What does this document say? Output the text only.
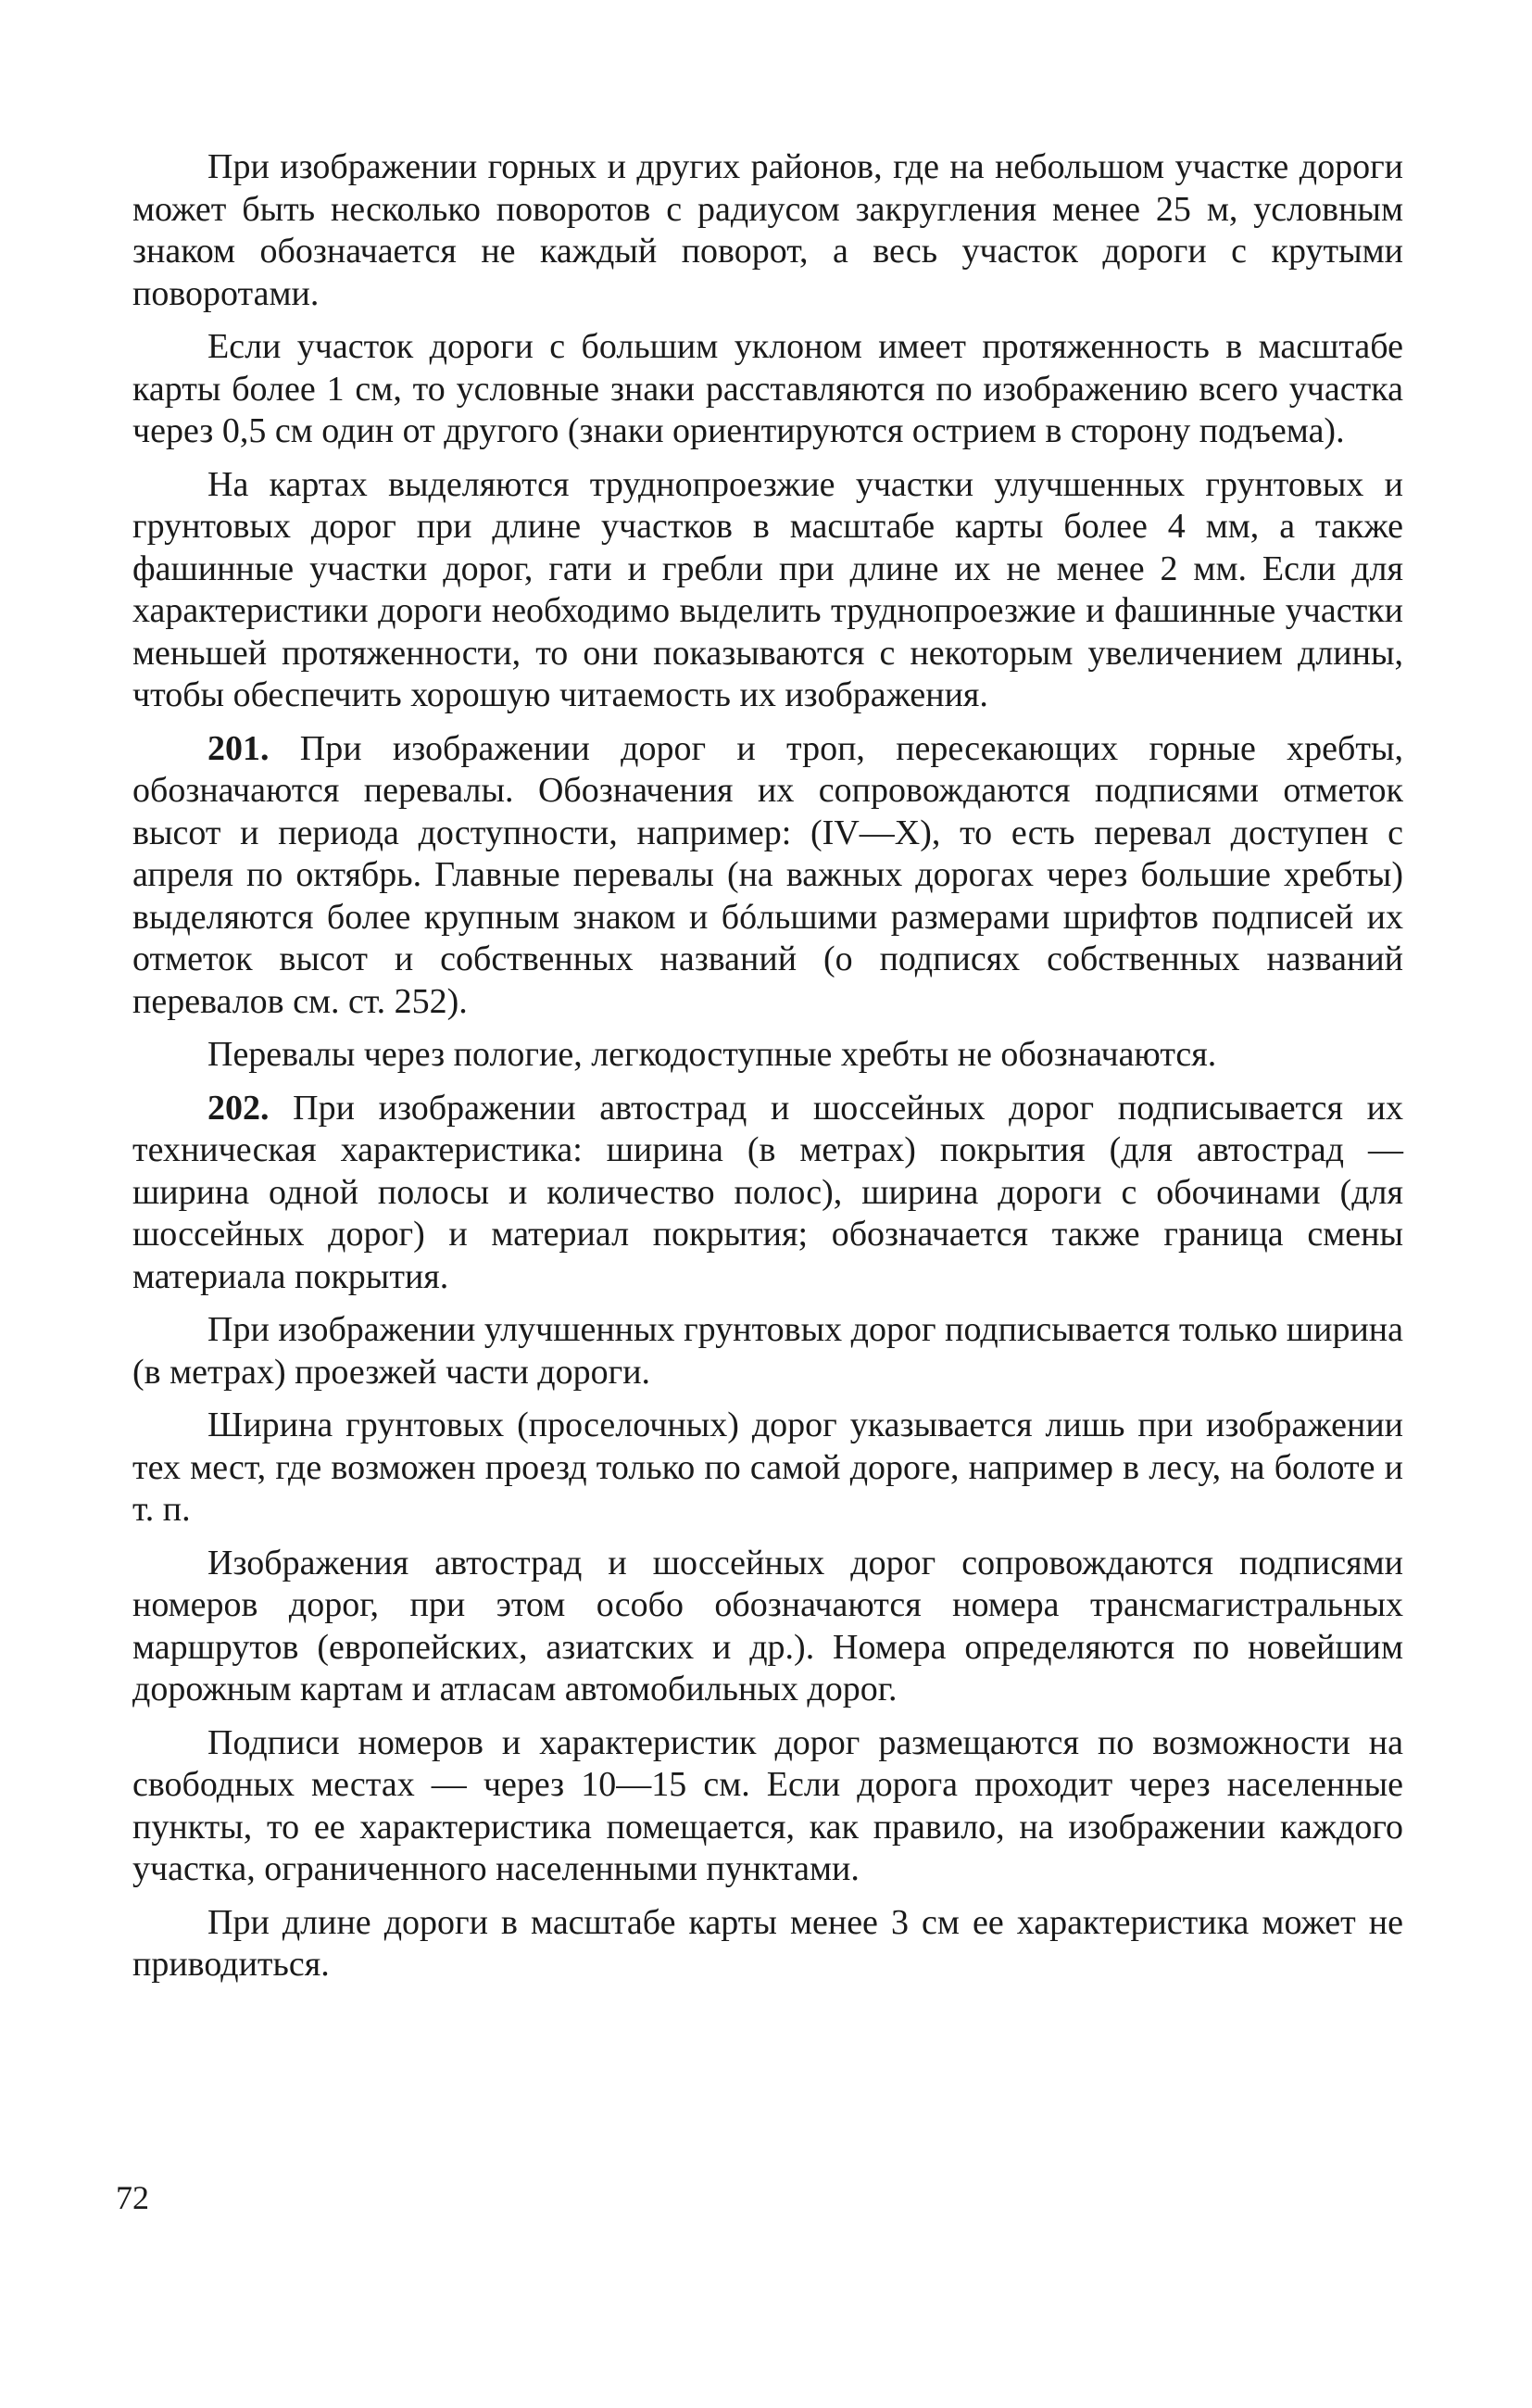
При изображении горных и других районов, где на небольшом участке дороги может быть несколько поворотов с радиусом закругления менее 25 м, условным знаком обозначается не каждый поворот, а весь участок дороги с крутыми поворотами.

Если участок дороги с большим уклоном имеет протяженность в масштабе карты более 1 см, то условные знаки расставляются по изображению всего участка через 0,5 см один от другого (знаки ориентируются острием в сторону подъема).

На картах выделяются труднопроезжие участки улучшенных грунтовых и грунтовых дорог при длине участков в масштабе карты более 4 мм, а также фашинные участки дорог, гати и гребли при длине их не менее 2 мм. Если для характеристики дороги необходимо выделить труднопроезжие и фашинные участки меньшей протяженности, то они показываются с некоторым увеличением длины, чтобы обеспечить хорошую читаемость их изображения.

201. При изображении дорог и троп, пересекающих горные хребты, обозначаются перевалы. Обозначения их сопровождаются подписями отметок высот и периода доступности, например: (IV—X), то есть перевал доступен с апреля по октябрь. Главные перевалы (на важных дорогах через большие хребты) выделяются более крупным знаком и бóльшими размерами шрифтов подписей их отметок высот и собственных названий (о подписях собственных названий перевалов см. ст. 252).

Перевалы через пологие, легкодоступные хребты не обозначаются.

202. При изображении автострад и шоссейных дорог подписывается их техническая характеристика: ширина (в метрах) покрытия (для автострад — ширина одной полосы и количество полос), ширина дороги с обочинами (для шоссейных дорог) и материал покрытия; обозначается также граница смены материала покрытия.

При изображении улучшенных грунтовых дорог подписывается только ширина (в метрах) проезжей части дороги.

Ширина грунтовых (проселочных) дорог указывается лишь при изображении тех мест, где возможен проезд только по самой дороге, например в лесу, на болоте и т. п.

Изображения автострад и шоссейных дорог сопровождаются подписями номеров дорог, при этом особо обозначаются номера трансмагистральных маршрутов (европейских, азиатских и др.). Номера определяются по новейшим дорожным картам и атласам автомобильных дорог.

Подписи номеров и характеристик дорог размещаются по возможности на свободных местах — через 10—15 см. Если дорога проходит через населенные пункты, то ее характеристика помещается, как правило, на изображении каждого участка, ограниченного населенными пунктами.

При длине дороги в масштабе карты менее 3 см ее характеристика может не приводиться.

72
